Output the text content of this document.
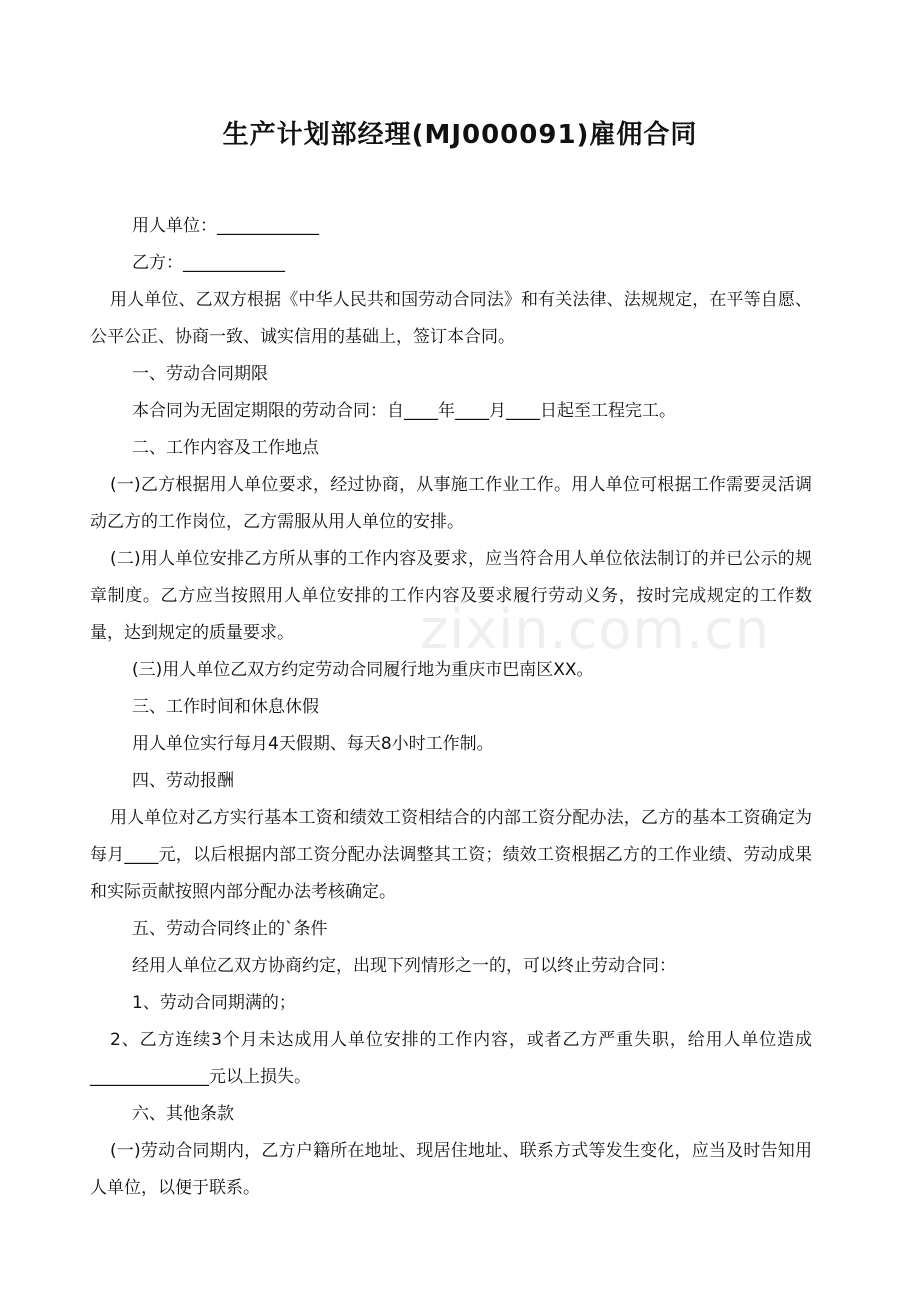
生产计划部经理(MJ000091)雇佣合同
zixin.com.cn

用人单位：____________

乙方：____________

用人单位、乙双方根据《中华人民共和国劳动合同法》和有关法律、法规规定，在平等自愿、公平公正、协商一致、诚实信用的基础上，签订本合同。

一、劳动合同期限

本合同为无固定期限的劳动合同：自____年____月____日起至工程完工。

二、工作内容及工作地点

(一)乙方根据用人单位要求，经过协商，从事施工作业工作。用人单位可根据工作需要灵活调动乙方的工作岗位，乙方需服从用人单位的安排。

(二)用人单位安排乙方所从事的工作内容及要求，应当符合用人单位依法制订的并已公示的规章制度。乙方应当按照用人单位安排的工作内容及要求履行劳动义务，按时完成规定的工作数量，达到规定的质量要求。

(三)用人单位乙双方约定劳动合同履行地为重庆市巴南区XX。

三、工作时间和休息休假

用人单位实行每月4天假期、每天8小时工作制。

四、劳动报酬

用人单位对乙方实行基本工资和绩效工资相结合的内部工资分配办法，乙方的基本工资确定为每月____元，以后根据内部工资分配办法调整其工资；绩效工资根据乙方的工作业绩、劳动成果和实际贡献按照内部分配办法考核确定。

五、劳动合同终止的`条件

经用人单位乙双方协商约定，出现下列情形之一的，可以终止劳动合同：

1、劳动合同期满的；

2、乙方连续3个月未达成用人单位安排的工作内容，或者乙方严重失职，给用人单位造成______________元以上损失。

六、其他条款

(一)劳动合同期内，乙方户籍所在地址、现居住地址、联系方式等发生变化，应当及时告知用人单位，以便于联系。
